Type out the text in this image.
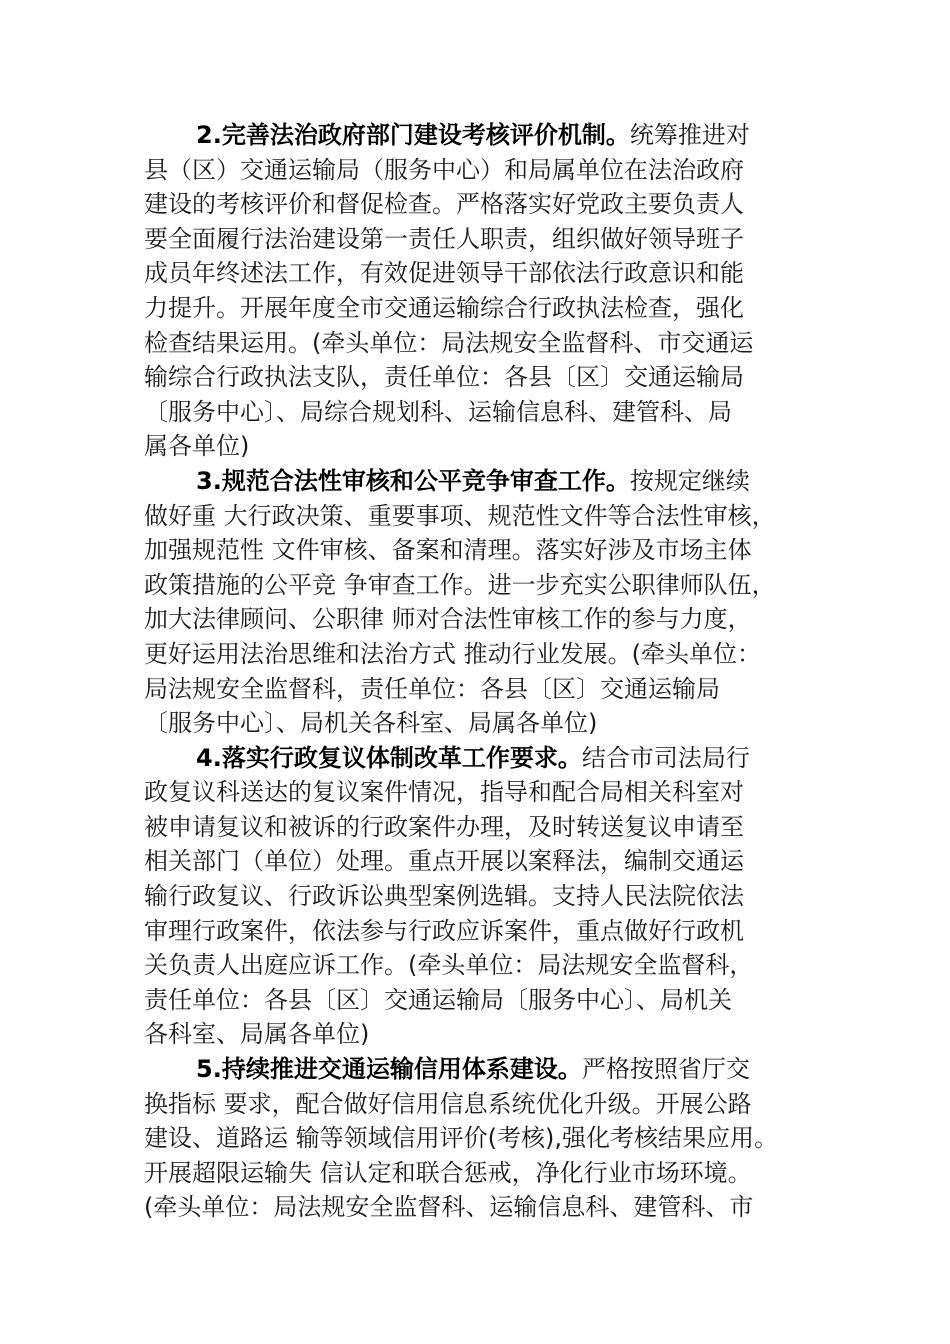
2.完善法治政府部门建设考核评价机制。统筹推进对
县（区）交通运输局（服务中心）和局属单位在法治政府
建设的考核评价和督促检查。严格落实好党政主要负责人
要全面履行法治建设第一责任人职责，组织做好领导班子
成员年终述法工作，有效促进领导干部依法行政意识和能
力提升。开展年度全市交通运输综合行政执法检查，强化
检查结果运用。(牵头单位：局法规安全监督科、市交通运
输综合行政执法支队，责任单位：各县〔区〕交通运输局
〔服务中心〕、局综合规划科、运输信息科、建管科、局
属各单位)
3.规范合法性审核和公平竞争审查工作。按规定继续
做好重 大行政决策、重要事项、规范性文件等合法性审核，
加强规范性 文件审核、备案和清理。落实好涉及市场主体
政策措施的公平竞 争审查工作。进一步充实公职律师队伍，
加大法律顾问、公职律 师对合法性审核工作的参与力度，
更好运用法治思维和法治方式 推动行业发展。(牵头单位：
局法规安全监督科，责任单位：各县〔区〕交通运输局
〔服务中心〕、局机关各科室、局属各单位)
4.落实行政复议体制改革工作要求。结合市司法局行
政复议科送达的复议案件情况，指导和配合局相关科室对
被申请复议和被诉的行政案件办理，及时转送复议申请至
相关部门（单位）处理。重点开展以案释法，编制交通运
输行政复议、行政诉讼典型案例选辑。支持人民法院依法
审理行政案件，依法参与行政应诉案件，重点做好行政机
关负责人出庭应诉工作。(牵头单位：局法规安全监督科，
责任单位：各县〔区〕交通运输局〔服务中心〕、局机关
各科室、局属各单位)
5.持续推进交通运输信用体系建设。严格按照省厅交
换指标 要求，配合做好信用信息系统优化升级。开展公路
建设、道路运 输等领域信用评价(考核),强化考核结果应用。
开展超限运输失 信认定和联合惩戒，净化行业市场环境。
(牵头单位：局法规安全监督科、运输信息科、建管科、市
